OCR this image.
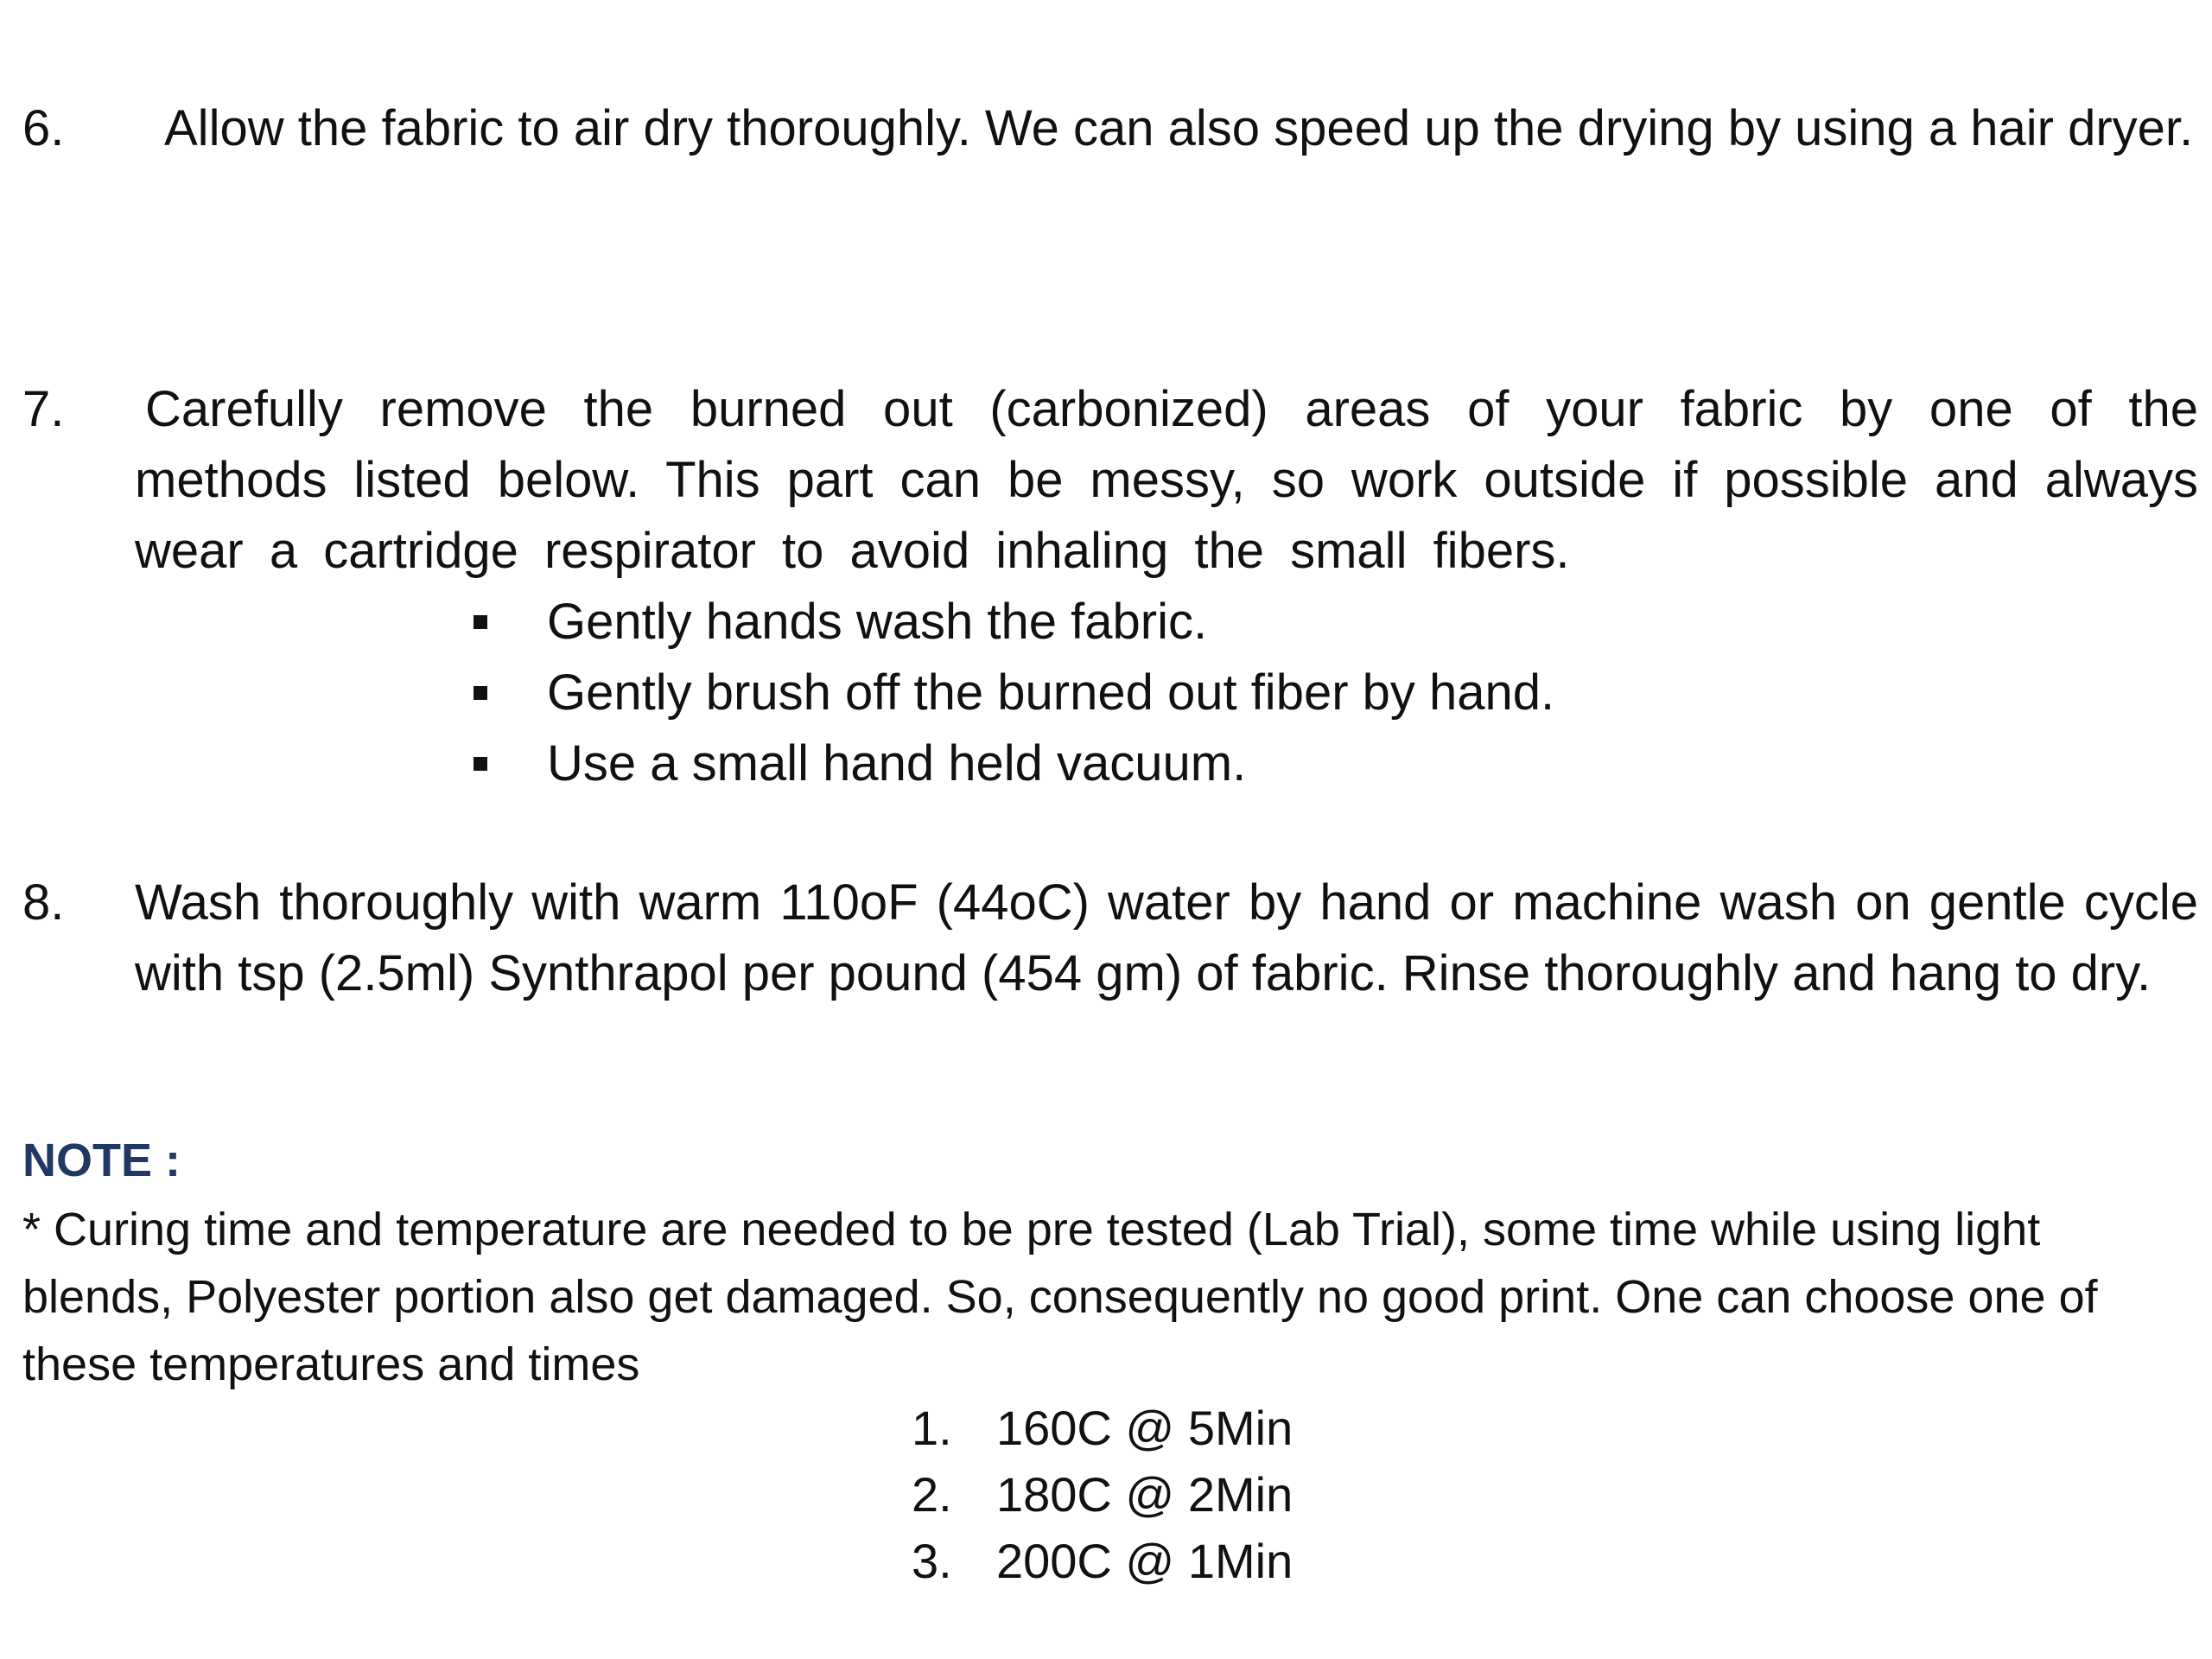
6.	Allow the fabric to air dry thoroughly. We can also speed up the drying by using a hair dryer.
7.	Carefully remove the burned out (carbonized) areas of your fabric by one of the methods listed below. This part can be messy, so work outside if possible and always wear a cartridge respirator to avoid inhaling the small fibers.
Gently hands wash the fabric.
Gently brush off the burned out fiber by hand.
Use a small hand held vacuum.
8.	Wash thoroughly with warm 110oF (44oC) water by hand or machine wash on gentle cycle with tsp (2.5ml) Synthrapol per pound (454 gm) of fabric. Rinse thoroughly and hang to dry.
NOTE :
* Curing time and temperature are needed to be pre tested (Lab Trial), some time while using light blends, Polyester portion also get damaged. So, consequently no good print. One can choose one of these temperatures and times
1. 160C @ 5Min
2. 180C @ 2Min
3. 200C @ 1Min
